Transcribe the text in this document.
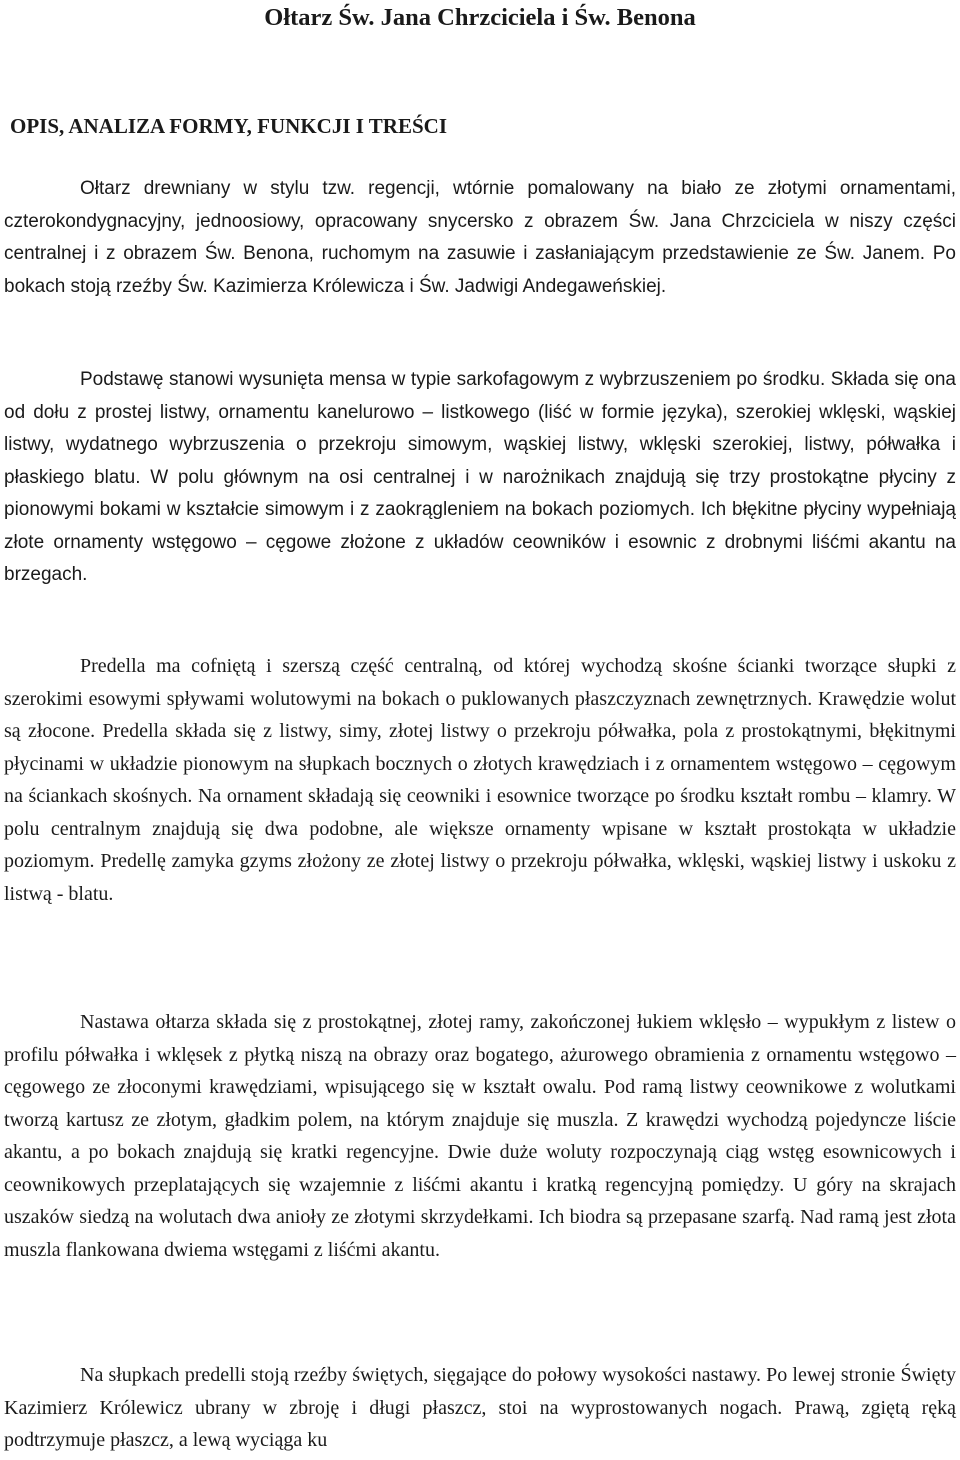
Ołtarz Św. Jana Chrzciciela i Św. Benona
OPIS, ANALIZA FORMY, FUNKCJI I TREŚCI

Ołtarz drewniany w stylu tzw. regencji, wtórnie pomalowany na biało ze złotymi ornamentami, czterokondygnacyjny, jednoosiowy, opracowany snycersko z obrazem Św. Jana Chrzciciela w niszy części centralnej i z obrazem Św. Benona, ruchomym na zasuwie i zasłaniającym przedstawienie ze Św. Janem. Po bokach stoją rzeźby Św. Kazimierza Królewicza i Św. Jadwigi Andegaweńskiej.

Podstawę stanowi wysunięta mensa w typie sarkofagowym z wybrzuszeniem po środku. Składa się ona od dołu z prostej listwy, ornamentu kanelurowo – listkowego (liść w formie języka), szerokiej wklęski, wąskiej listwy, wydatnego wybrzuszenia o przekroju simowym, wąskiej listwy, wklęski szerokiej, listwy, półwałka i płaskiego blatu. W polu głównym na osi centralnej i w narożnikach znajdują się trzy prostokątne płyciny z pionowymi bokami w kształcie simowym i z zaokrągleniem na bokach poziomych. Ich błękitne płyciny wypełniają złote ornamenty wstęgowo – cęgowe złożone z układów ceowników i esownic z drobnymi liśćmi akantu na brzegach.

Predella ma cofniętą i szerszą część centralną, od której wychodzą skośne ścianki tworzące słupki z szerokimi esowymi spływami wolutowymi na bokach o puklowanych płaszczyznach zewnętrznych. Krawędzie wolut są złocone. Predella składa się z listwy, simy, złotej listwy o przekroju półwałka, pola z prostokątnymi, błękitnymi płycinami w układzie pionowym na słupkach bocznych o złotych krawędziach i z ornamentem wstęgowo – cęgowym na ściankach skośnych. Na ornament składają się ceowniki i esownice tworzące po środku kształt rombu – klamry. W polu centralnym znajdują się dwa podobne, ale większe ornamenty wpisane w kształt prostokąta w układzie poziomym. Predellę zamyka gzyms złożony ze złotej listwy o przekroju półwałka, wklęski, wąskiej listwy i uskoku z listwą - blatu.

Nastawa ołtarza składa się z prostokątnej, złotej ramy, zakończonej łukiem wklęsło – wypukłym z listew o profilu półwałka i wklęsek z płytką niszą na obrazy oraz bogatego, ażurowego obramienia z ornamentu wstęgowo – cęgowego ze złoconymi krawędziami, wpisującego się w kształt owalu. Pod ramą listwy ceownikowe z wolutkami tworzą kartusz ze złotym, gładkim polem, na którym znajduje się muszla. Z krawędzi wychodzą pojedyncze liście akantu, a po bokach znajdują się kratki regencyjne. Dwie duże woluty rozpoczynają ciąg wstęg esownicowych i ceownikowych przeplatających się wzajemnie z liśćmi akantu i kratką regencyjną pomiędzy. U góry na skrajach uszaków siedzą na wolutach dwa anioły ze złotymi skrzydełkami. Ich biodra są przepasane szarfą. Nad ramą jest złota muszla flankowana dwiema wstęgami z liśćmi akantu.

Na słupkach predelli stoją rzeźby świętych, sięgające do połowy wysokości nastawy. Po lewej stronie Święty Kazimierz Królewicz ubrany w zbroję i długi płaszcz, stoi na wyprostowanych nogach. Prawą, zgiętą ręką podtrzymuje płaszcz, a lewą wyciąga ku
